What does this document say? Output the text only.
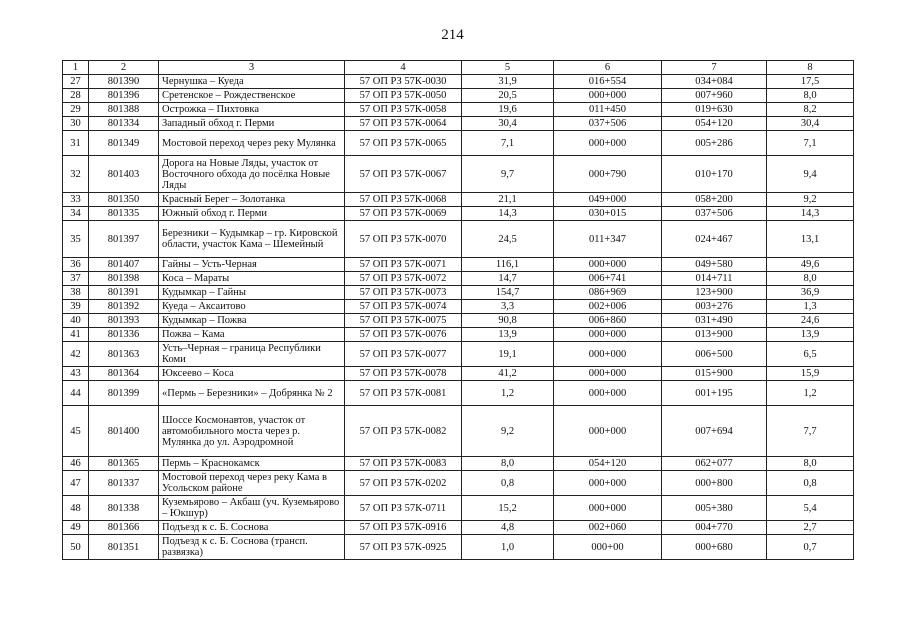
214
1	2	3	4	5	6	7	8
27	801390	Чернушка – Куеда	57 ОП РЗ 57К-0030	31,9	016+554	034+084	17,5
28	801396	Сретенское – Рождественское	57 ОП РЗ 57К-0050	20,5	000+000	007+960	8,0
29	801388	Острожка – Пихтовка	57 ОП РЗ 57К-0058	19,6	011+450	019+630	8,2
30	801334	Западный обход г. Перми	57 ОП РЗ 57К-0064	30,4	037+506	054+120	30,4
31	801349	Мостовой переход через реку Мулянка	57 ОП РЗ 57К-0065	7,1	000+000	005+286	7,1
32	801403	Дорога на Новые Ляды, участок от Восточного обхода до посёлка Новые Ляды	57 ОП РЗ 57К-0067	9,7	000+790	010+170	9,4
33	801350	Красный Берег – Золотанка	57 ОП РЗ 57К-0068	21,1	049+000	058+200	9,2
34	801335	Южный обход г. Перми	57 ОП РЗ 57К-0069	14,3	030+015	037+506	14,3
35	801397	Березники – Кудымкар – гр. Кировской области, участок Кама – Шемейный	57 ОП РЗ 57К-0070	24,5	011+347	024+467	13,1
36	801407	Гайны – Усть-Черная	57 ОП РЗ 57К-0071	116,1	000+000	049+580	49,6
37	801398	Коса – Мараты	57 ОП РЗ 57К-0072	14,7	006+741	014+711	8,0
38	801391	Кудымкар – Гайны	57 ОП РЗ 57К-0073	154,7	086+969	123+900	36,9
39	801392	Куеда – Аксаитово	57 ОП РЗ 57К-0074	3,3	002+006	003+276	1,3
40	801393	Кудымкар – Пожва	57 ОП РЗ 57К-0075	90,8	006+860	031+490	24,6
41	801336	Пожва – Кама	57 ОП РЗ 57К-0076	13,9	000+000	013+900	13,9
42	801363	Усть–Черная – граница Республики Коми	57 ОП РЗ 57К-0077	19,1	000+000	006+500	6,5
43	801364	Юксеево – Коса	57 ОП РЗ 57К-0078	41,2	000+000	015+900	15,9
44	801399	«Пермь – Березники» – Добрянка № 2	57 ОП РЗ 57К-0081	1,2	000+000	001+195	1,2
45	801400	Шоссе Космонавтов, участок от автомобильного моста через р. Мулянка до ул. Аэродромной	57 ОП РЗ 57К-0082	9,2	000+000	007+694	7,7
46	801365	Пермь – Краснокамск	57 ОП РЗ 57К-0083	8,0	054+120	062+077	8,0
47	801337	Мостовой переход через реку Кама в Усольском районе	57 ОП РЗ 57К-0202	0,8	000+000	000+800	0,8
48	801338	Куземьярово – Акбаш (уч. Куземьярово – Юкшур)	57 ОП РЗ 57К-0711	15,2	000+000	005+380	5,4
49	801366	Подъезд к с. Б. Соснова	57 ОП РЗ 57К-0916	4,8	002+060	004+770	2,7
50	801351	Подъезд к с. Б. Соснова (трансп. развязка)	57 ОП РЗ 57К-0925	1,0	000+00	000+680	0,7
